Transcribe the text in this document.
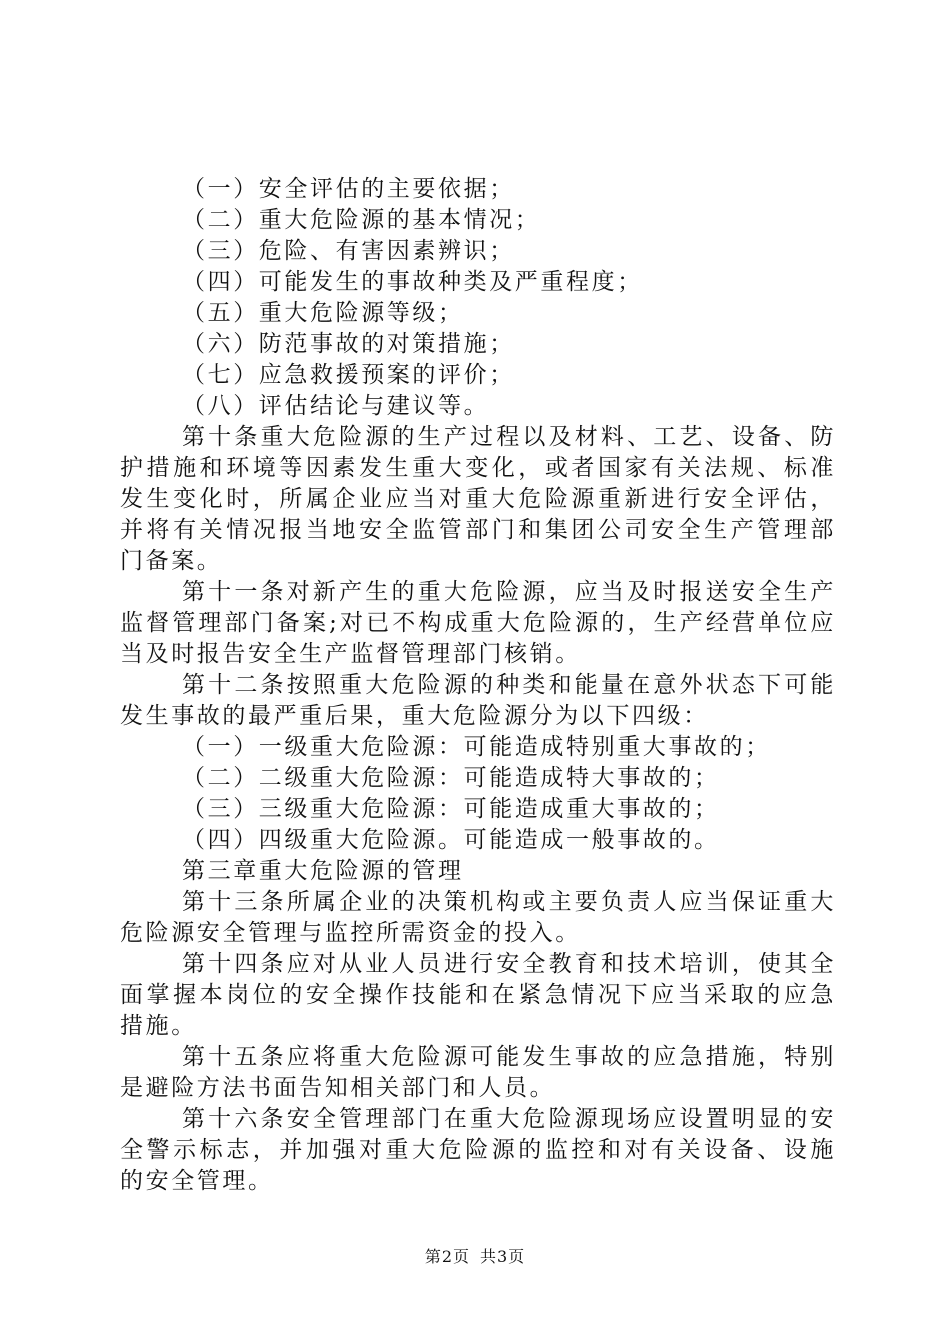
（一）安全评估的主要依据；

（二）重大危险源的基本情况；

（三）危险、有害因素辨识；

（四）可能发生的事故种类及严重程度；

（五）重大危险源等级；

（六）防范事故的对策措施；

（七）应急救援预案的评价；

（八）评估结论与建议等。

第十条重大危险源的生产过程以及材料、工艺、设备、防护措施和环境等因素发生重大变化，或者国家有关法规、标准发生变化时，所属企业应当对重大危险源重新进行安全评估，并将有关情况报当地安全监管部门和集团公司安全生产管理部门备案。

第十一条对新产生的重大危险源，应当及时报送安全生产监督管理部门备案;对已不构成重大危险源的，生产经营单位应当及时报告安全生产监督管理部门核销。

第十二条按照重大危险源的种类和能量在意外状态下可能发生事故的最严重后果，重大危险源分为以下四级：

（一）一级重大危险源：可能造成特别重大事故的；

（二）二级重大危险源：可能造成特大事故的；

（三）三级重大危险源：可能造成重大事故的；

（四）四级重大危险源。可能造成一般事故的。

第三章重大危险源的管理

第十三条所属企业的决策机构或主要负责人应当保证重大危险源安全管理与监控所需资金的投入。

第十四条应对从业人员进行安全教育和技术培训，使其全面掌握本岗位的安全操作技能和在紧急情况下应当采取的应急措施。

第十五条应将重大危险源可能发生事故的应急措施，特别是避险方法书面告知相关部门和人员。

第十六条安全管理部门在重大危险源现场应设置明显的安全警示标志，并加强对重大危险源的监控和对有关设备、设施的安全管理。

第2页 共3页
